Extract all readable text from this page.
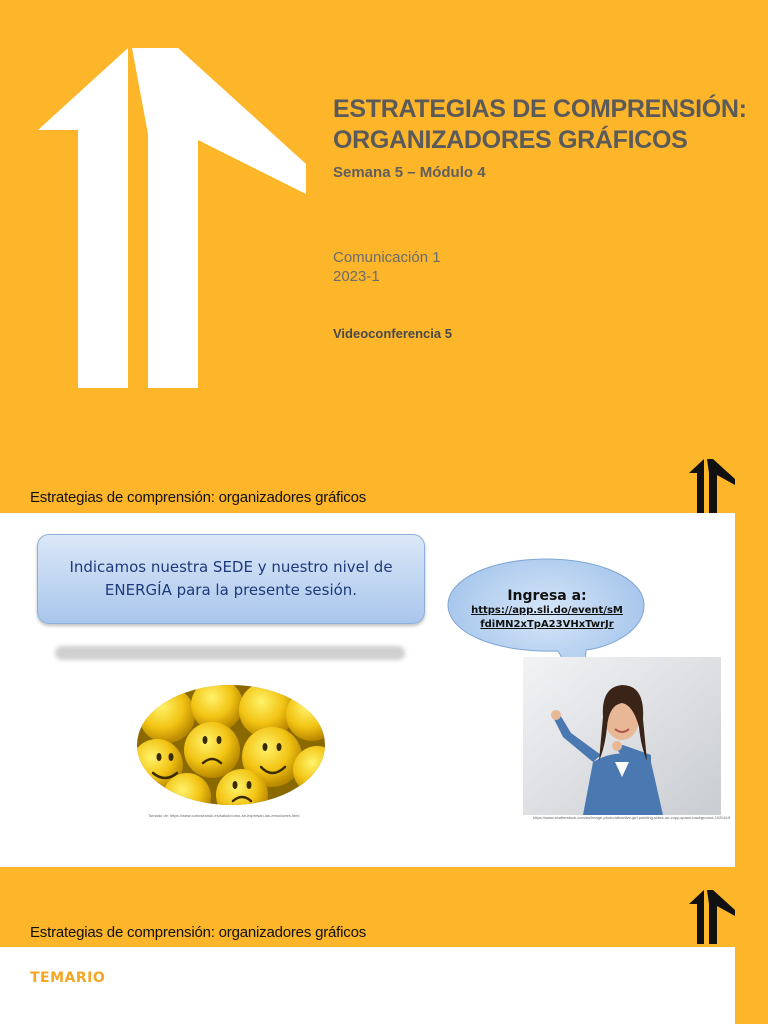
ESTRATEGIAS DE COMPRENSIÓN:
ORGANIZADORES GRÁFICOS

Semana 5 – Módulo 4

Comunicación 1
2023-1

Videoconferencia 5

Estrategias de comprensión: organizadores gráficos
Indicamos nuestra SEDE y nuestro nivel de ENERGÍA para la presente sesión.
Tomado de: https://www.curioseando.es/salud/como-se-expresan-las-emociones.html
Ingresa a:
https://app.sli.do/event/sM
fdiMN2xTpA23VHxTwrJr
https://www.shutterstock.com/es/image-photo/attractive-girl-pointing-sides-on-copy-space-background-1020415
Estrategias de comprensión: organizadores gráficos
TEMARIO
